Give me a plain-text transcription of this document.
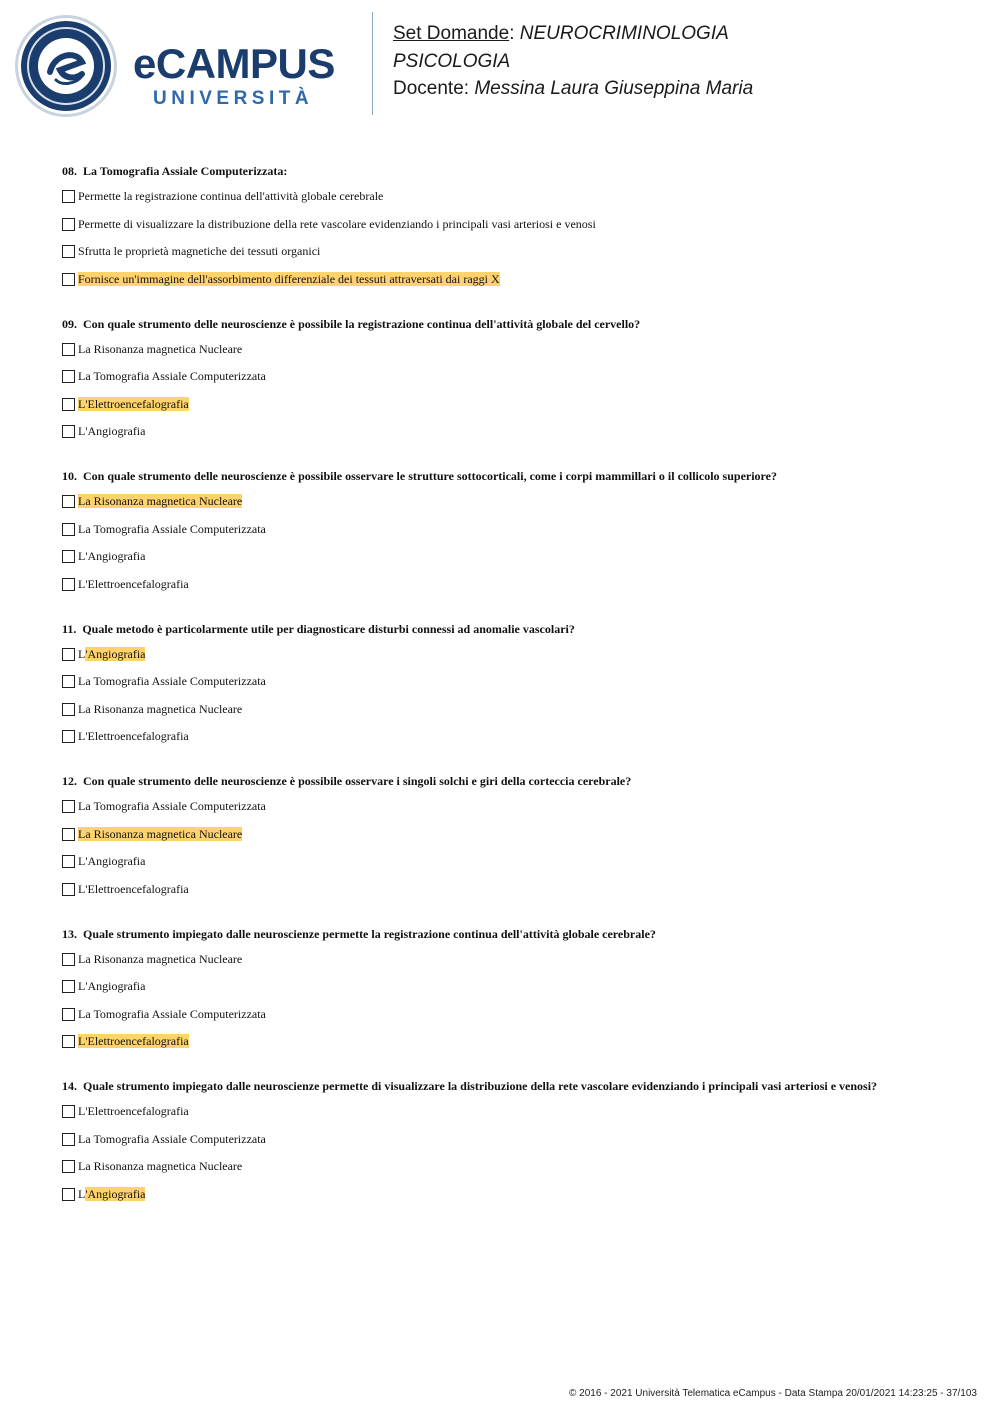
eCAMPUS
UNIVERSITÀ
Set Domande: NEUROCRIMINOLOGIA
PSICOLOGIA
Docente: Messina Laura Giuseppina Maria
08. La Tomografia Assiale Computerizzata:
Permette la registrazione continua dell'attività globale cerebrale
Permette di visualizzare la distribuzione della rete vascolare evidenziando i principali vasi arteriosi e venosi
Sfrutta le proprietà magnetiche dei tessuti organici
Fornisce un'immagine dell'assorbimento differenziale dei tessuti attraversati dai raggi X
09. Con quale strumento delle neuroscienze è possibile la registrazione continua dell'attività globale del cervello?
La Risonanza magnetica Nucleare
La Tomografia Assiale Computerizzata
L'Elettroencefalografia
L'Angiografia
10. Con quale strumento delle neuroscienze è possibile osservare le strutture sottocorticali, come i corpi mammillari o il collicolo superiore?
La Risonanza magnetica Nucleare
La Tomografia Assiale Computerizzata
L'Angiografia
L'Elettroencefalografia
11. Quale metodo è particolarmente utile per diagnosticare disturbi connessi ad anomalie vascolari?
L'Angiografia
La Tomografia Assiale Computerizzata
La Risonanza magnetica Nucleare
L'Elettroencefalografia
12. Con quale strumento delle neuroscienze è possibile osservare i singoli solchi e giri della corteccia cerebrale?
La Tomografia Assiale Computerizzata
La Risonanza magnetica Nucleare
L'Angiografia
L'Elettroencefalografia
13. Quale strumento impiegato dalle neuroscienze permette la registrazione continua dell'attività globale cerebrale?
La Risonanza magnetica Nucleare
L'Angiografia
La Tomografia Assiale Computerizzata
L'Elettroencefalografia
14. Quale strumento impiegato dalle neuroscienze permette di visualizzare la distribuzione della rete vascolare evidenziando i principali vasi arteriosi e venosi?
L'Elettroencefalografia
La Tomografia Assiale Computerizzata
La Risonanza magnetica Nucleare
L'Angiografia
© 2016 - 2021 Università Telematica eCampus - Data Stampa 20/01/2021 14:23:25 - 37/103
